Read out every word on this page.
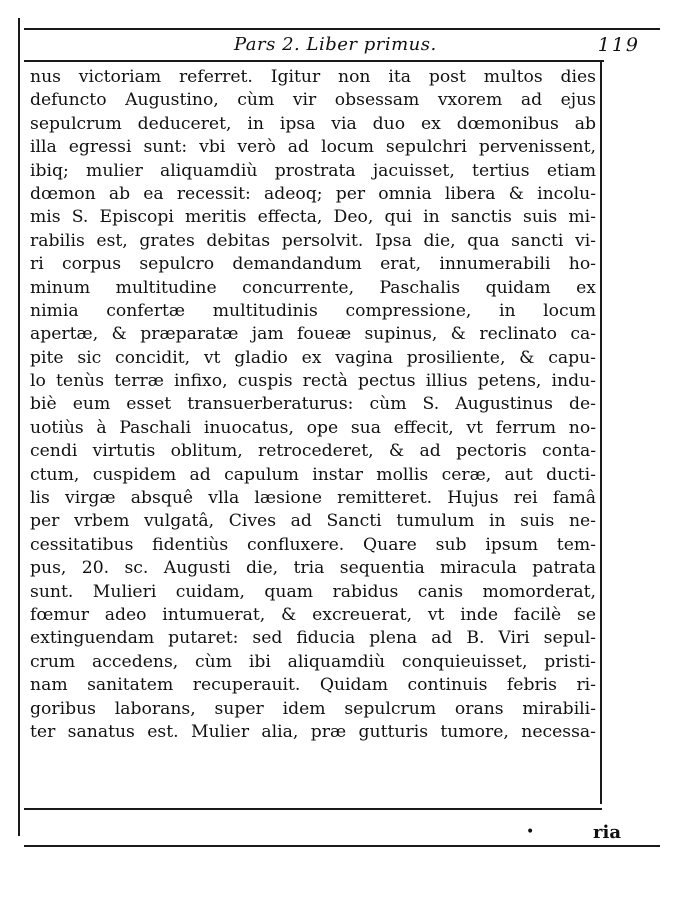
Pars 2. Liber primus.	119
nus victoriam referret. Igitur non ita post multos dies
defuncto Augustino, cùm vir obsessam vxorem ad ejus
sepulcrum deduceret, in ipsa via duo ex dœmonibus ab
illa egressi sunt: vbi verò ad locum sepulchri pervenissent,
ibiq; mulier aliquamdiù prostrata jacuisset, tertius etiam
dœmon ab ea recessit: adeoq; per omnia libera & incolu-
mis S. Episcopi meritis effecta, Deo, qui in sanctis suis mi-
rabilis est, grates debitas persolvit. Ipsa die, qua sancti vi-
ri corpus sepulcro demandandum erat, innumerabili ho-
minum multitudine concurrente, Paschalis quidam ex
nimia confertæ multitudinis compressione, in locum
apertæ, & præparatæ jam foueæ supinus, & reclinato ca-
pite sic concidit, vt gladio ex vagina prosiliente, & capu-
lo tenùs terræ infixo, cuspis rectà pectus illius petens, indu-
biè eum esset transuerberaturus: cùm S. Augustinus de-
uotiùs à Paschali inuocatus, ope sua effecit, vt ferrum no-
cendi virtutis oblitum, retrocederet, & ad pectoris conta-
ctum, cuspidem ad capulum instar mollis ceræ, aut ducti-
lis virgæ absquê vlla læsione remitteret. Hujus rei famâ
per vrbem vulgatâ, Cives ad Sancti tumulum in suis ne-
cessitatibus fidentiùs confluxere. Quare sub ipsum tem-
pus, 20. sc. Augusti die, tria sequentia miracula patrata
sunt. Mulieri cuidam, quam rabidus canis momorderat,
fœmur adeo intumuerat, & excreuerat, vt inde facilè se
extinguendam putaret: sed fiducia plena ad B. Viri sepul-
crum accedens, cùm ibi aliquamdiù conquieuisset, pristi-
nam sanitatem recuperauit. Quidam continuis febris ri-
goribus laborans, super idem sepulcrum orans mirabili-
ter sanatus est. Mulier alia, præ gutturis tumore, necessa-
•	ria
